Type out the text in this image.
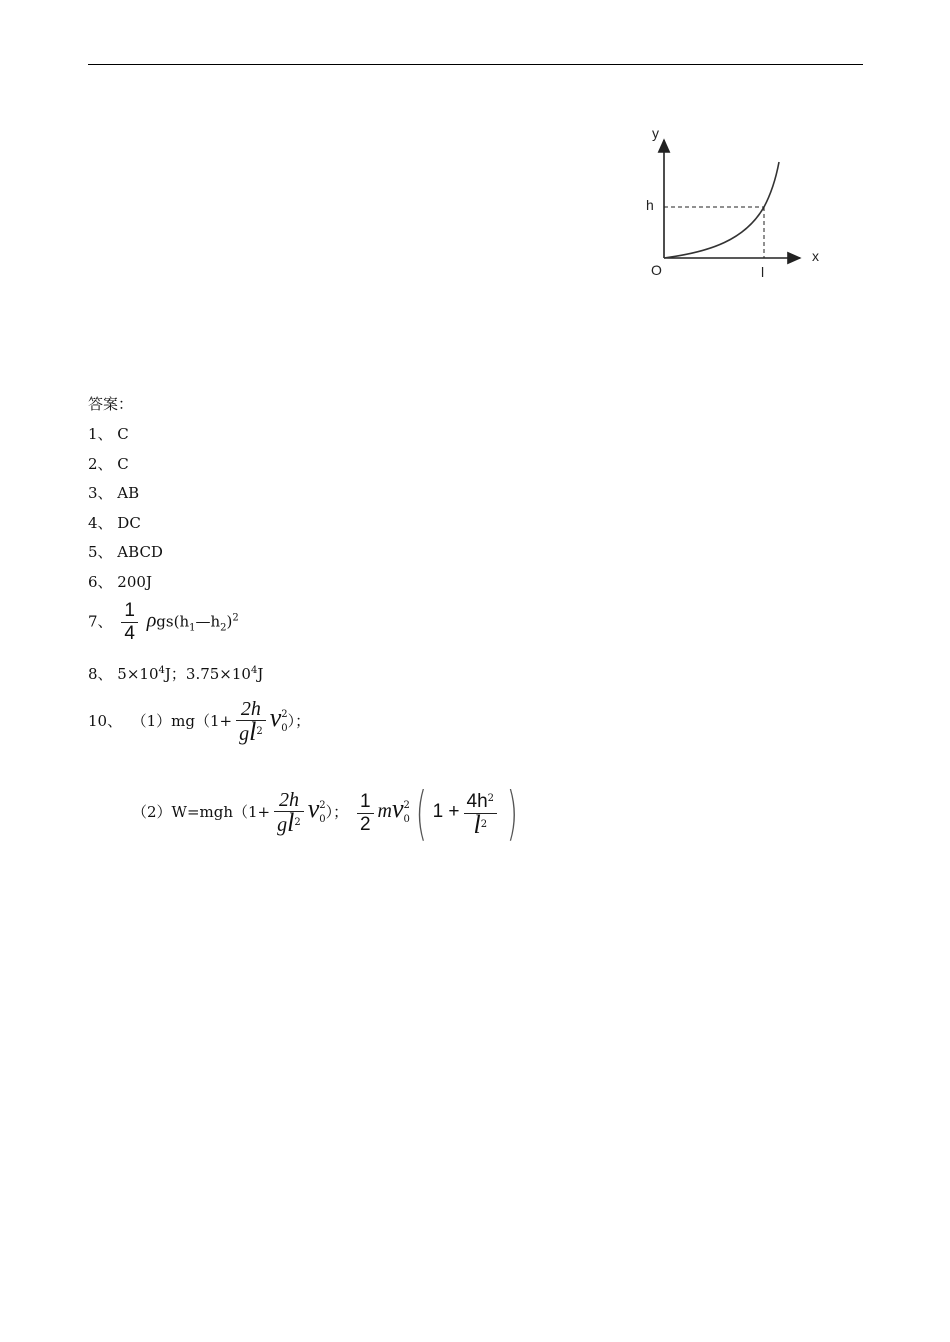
y
x
O
h
l
答案：
1、 C
2、 C
3、 AB
4、 DC
5、 ABCD
6、 200J
7、 $\frac{1}{4}$ $\rho gs(h_1—h_2)^2$
8、 $5\times 10^4J$；$3.75\times 10^4J$
10、 $(1)mg(1+ \frac{2h}{gl^2}$ v 2
0 ）；
$(2)W=mgh(1+ \frac{2h}{gl^2}$ v 2
0 ）； $\frac{1}{2}$ mv 2
0 ( $1 + \frac{4h^2}{l^2}$ )
